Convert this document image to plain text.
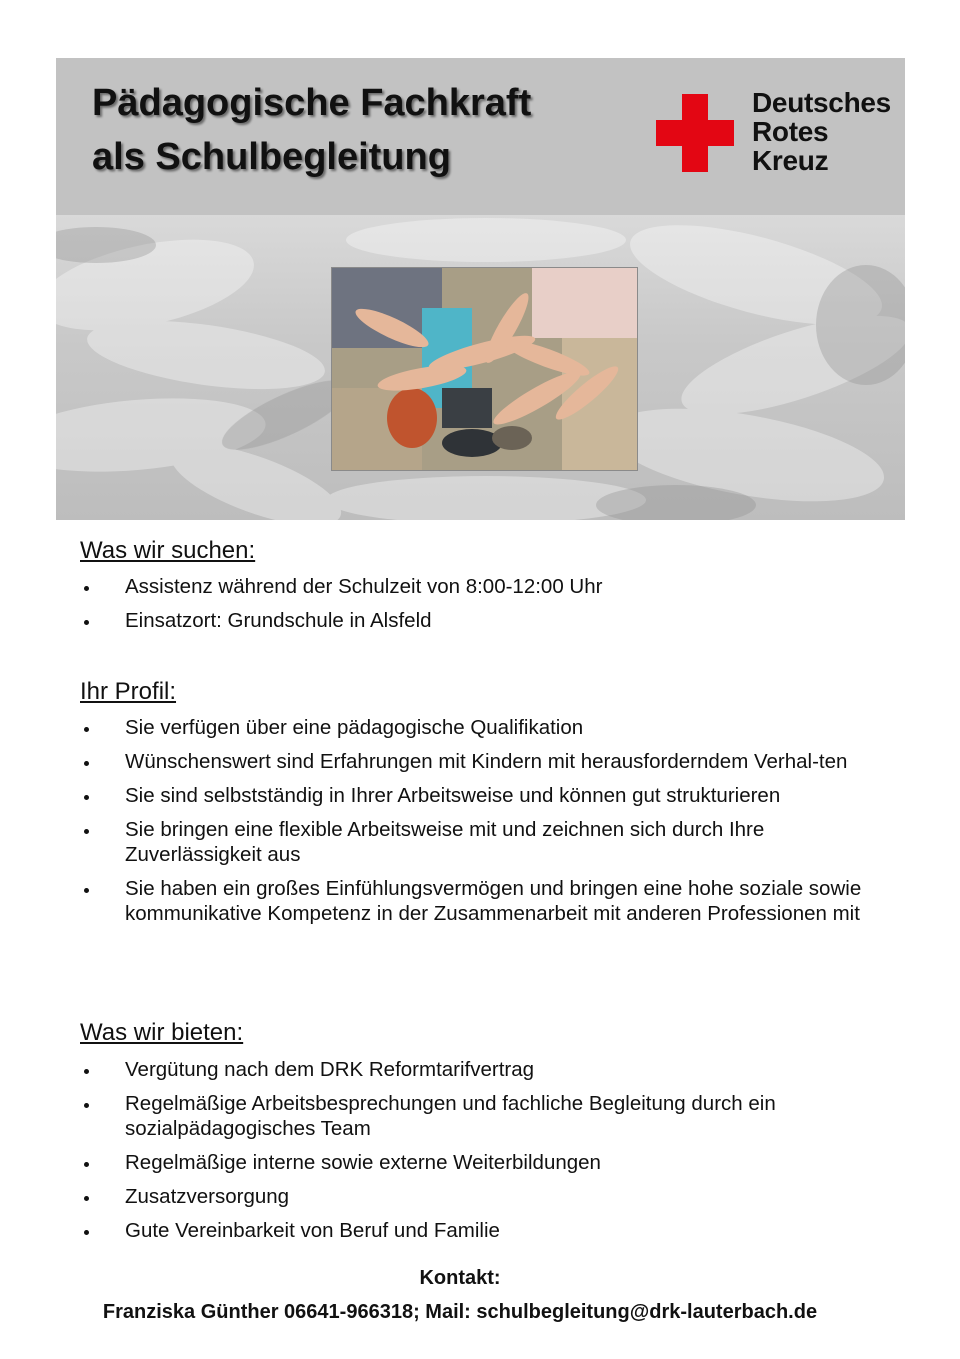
Pädagogische Fachkraft
als Schulbegleitung
Deutsches
Rotes
Kreuz
Was wir suchen:
Assistenz während der Schulzeit von 8:00-12:00 Uhr
Einsatzort: Grundschule in Alsfeld
Ihr Profil:
Sie verfügen über eine pädagogische Qualifikation
Wünschenswert sind Erfahrungen mit Kindern mit herausforderndem Verhal-ten
Sie sind selbstständig in Ihrer Arbeitsweise und können gut strukturieren
Sie bringen eine flexible Arbeitsweise mit und zeichnen sich durch Ihre Zuverlässigkeit aus
Sie haben ein großes Einfühlungsvermögen und bringen eine hohe soziale sowie kommunikative Kompetenz in der Zusammenarbeit mit anderen Professionen mit
Was wir bieten:
Vergütung nach dem DRK Reformtarifvertrag
Regelmäßige Arbeitsbesprechungen und fachliche Begleitung durch ein sozialpädagogisches Team
Regelmäßige interne sowie externe Weiterbildungen
Zusatzversorgung
Gute Vereinbarkeit von Beruf und Familie
Kontakt:
Franziska Günther 06641-966318; Mail: schulbegleitung@drk-lauterbach.de
